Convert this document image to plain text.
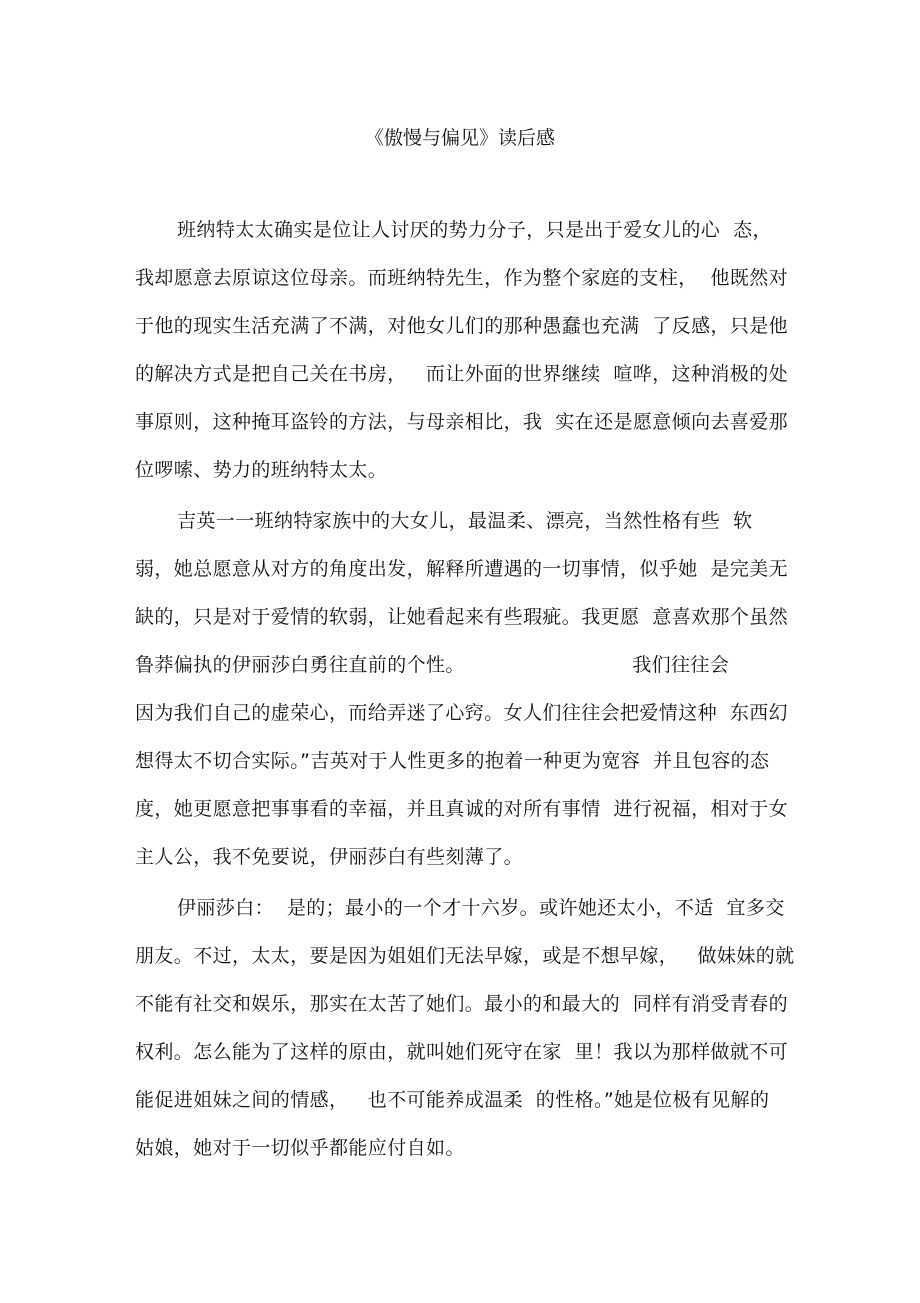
《傲慢与偏见》读后感
班纳特太太确实是位让人讨厌的势力分子，只是出于爱女儿的心  态，
我却愿意去原谅这位母亲。而班纳特先生，作为整个家庭的支柱，  他既然对
于他的现实生活充满了不满，对他女儿们的那种愚蠢也充满  了反感，只是他
的解决方式是把自己关在书房，   而让外面的世界继续  喧哗，这种消极的处
事原则，这种掩耳盗铃的方法，与母亲相比，我  实在还是愿意倾向去喜爱那
位啰嗦、势力的班纳特太太。
吉英一一班纳特家族中的大女儿，最温柔、漂亮，当然性格有些  软
弱，她总愿意从对方的角度出发，解释所遭遇的一切事情，似乎她  是完美无
缺的，只是对于爱情的软弱，让她看起来有些瑕疵。我更愿  意喜欢那个虽然
鲁莽偏执的伊丽莎白勇往直前的个性。                          我们往往会
因为我们自己的虚荣心，而给弄迷了心窍。女人们往往会把爱情这种  东西幻
想得太不切合实际。”吉英对于人性更多的抱着一种更为宽容  并且包容的态
度，她更愿意把事事看的幸福，并且真诚的对所有事情  进行祝福，相对于女
主人公，我不免要说，伊丽莎白有些刻薄了。
伊丽莎白：  是的；最小的一个才十六岁。或许她还太小，不适  宜多交
朋友。不过，太太，要是因为姐姐们无法早嫁，或是不想早嫁，   做妹妹的就
不能有社交和娱乐，那实在太苦了她们。最小的和最大的  同样有消受青春的
权利。怎么能为了这样的原由，就叫她们死守在家  里！我以为那样做就不可
能促进姐妹之间的情感，   也不可能养成温柔  的性格。”她是位极有见解的
姑娘，她对于一切似乎都能应付自如。
